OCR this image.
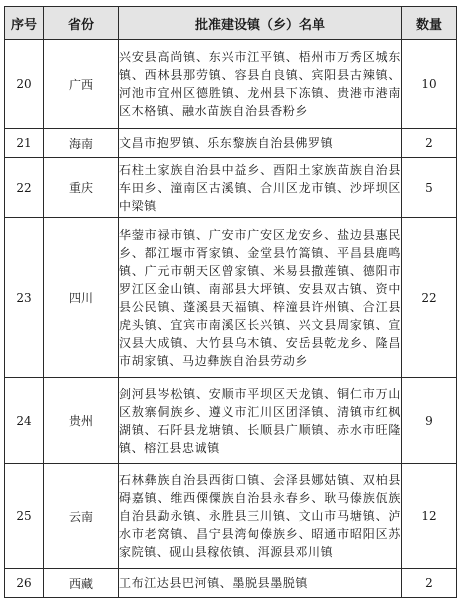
序号	省份	批准建设镇（乡）名单	数量
20	广西	兴安县高尚镇、东兴市江平镇、梧州市万秀区城东镇、西林县那劳镇、容县自良镇、宾阳县古辣镇、河池市宜州区德胜镇、龙州县下冻镇、贵港市港南区木格镇、融水苗族自治县香粉乡	10
21	海南	文昌市抱罗镇、乐东黎族自治县佛罗镇	2
22	重庆	石柱土家族自治县中益乡、酉阳土家族苗族自治县车田乡、潼南区古溪镇、合川区龙市镇、沙坪坝区中梁镇	5
23	四川	华蓥市禄市镇、广安市广安区龙安乡、盐边县惠民乡、都江堰市胥家镇、金堂县竹篙镇、平昌县鹿鸣镇、广元市朝天区曾家镇、米易县撒莲镇、德阳市罗江区金山镇、南部县大坪镇、安县双古镇、资中县公民镇、蓬溪县天福镇、梓潼县许州镇、合江县虎头镇、宜宾市南溪区长兴镇、兴文县周家镇、宣汉县大成镇、大竹县乌木镇、安岳县乾龙乡、隆昌市胡家镇、马边彝族自治县劳动乡	22
24	贵州	剑河县岑松镇、安顺市平坝区天龙镇、铜仁市万山区敖寨侗族乡、遵义市汇川区团泽镇、清镇市红枫湖镇、石阡县龙塘镇、长顺县广顺镇、赤水市旺隆镇、榕江县忠诚镇	9
25	云南	石林彝族自治县西街口镇、会泽县娜姑镇、双柏县碍嘉镇、维西傈僳族自治县永春乡、耿马傣族佤族自治县勐永镇、永胜县三川镇、文山市马塘镇、泸水市老窝镇、昌宁县湾甸傣族乡、昭通市昭阳区苏家院镇、砚山县稼依镇、洱源县邓川镇	12
26	西藏	工布江达县巴河镇、墨脱县墨脱镇	2
